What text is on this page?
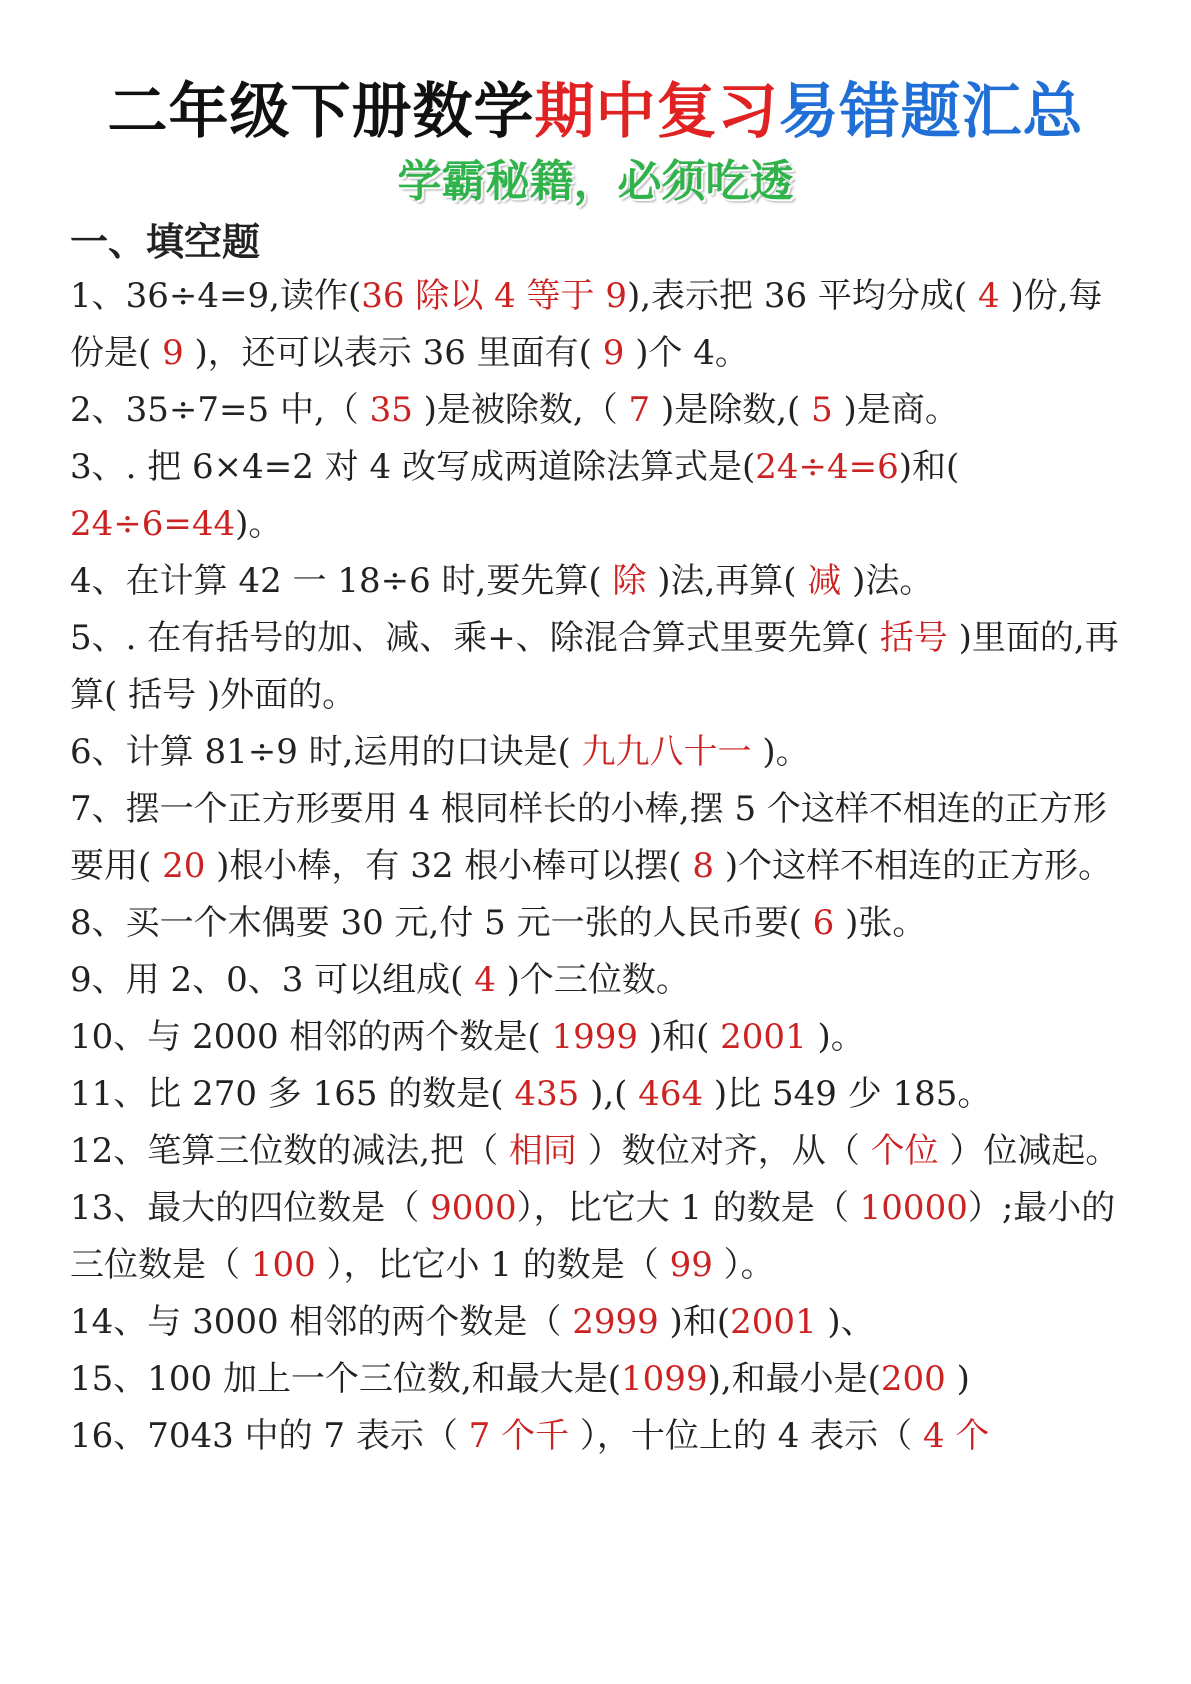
二年级下册数学期中复习易错题汇总
学霸秘籍，必须吃透
一、填空题

1、36÷4=9,读作(36 除以 4 等于 9),表示把 36 平均分成( 4 )份,每份是( 9 )，还可以表示 36 里面有( 9 )个 4。

2、35÷7=5 中,（ 35 )是被除数,（ 7 )是除数,( 5 )是商。

3、. 把 6×4=2 对 4 改写成两道除法算式是(24÷4=6)和( 24÷6=44)。

4、在计算 42 一 18÷6 时,要先算( 除 )法,再算( 减 )法。

5、. 在有括号的加、减、乘+、除混合算式里要先算( 括号 )里面的,再算( 括号 )外面的。

6、计算 81÷9 时,运用的口诀是( 九九八十一 )。

7、摆一个正方形要用 4 根同样长的小棒,摆 5 个这样不相连的正方形要用( 20 )根小棒，有 32 根小棒可以摆( 8 )个这样不相连的正方形。

8、买一个木偶要 30 元,付 5 元一张的人民币要( 6 )张。

9、用 2、0、3 可以组成( 4 )个三位数。

10、与 2000 相邻的两个数是( 1999 )和( 2001 )。

11、比 270 多 165 的数是( 435 ),( 464 )比 549 少 185。

12、笔算三位数的减法,把（ 相同 ）数位对齐，从（ 个位 ）位减起。

13、最大的四位数是（ 9000），比它大 1 的数是（ 10000）;最小的三位数是（ 100 ），比它小 1 的数是（ 99 ）。

14、与 3000 相邻的两个数是（ 2999 )和(2001 )、

15、100 加上一个三位数,和最大是(1099),和最小是(200 )

16、7043 中的 7 表示（ 7 个千 ），十位上的 4 表示（ 4 个
